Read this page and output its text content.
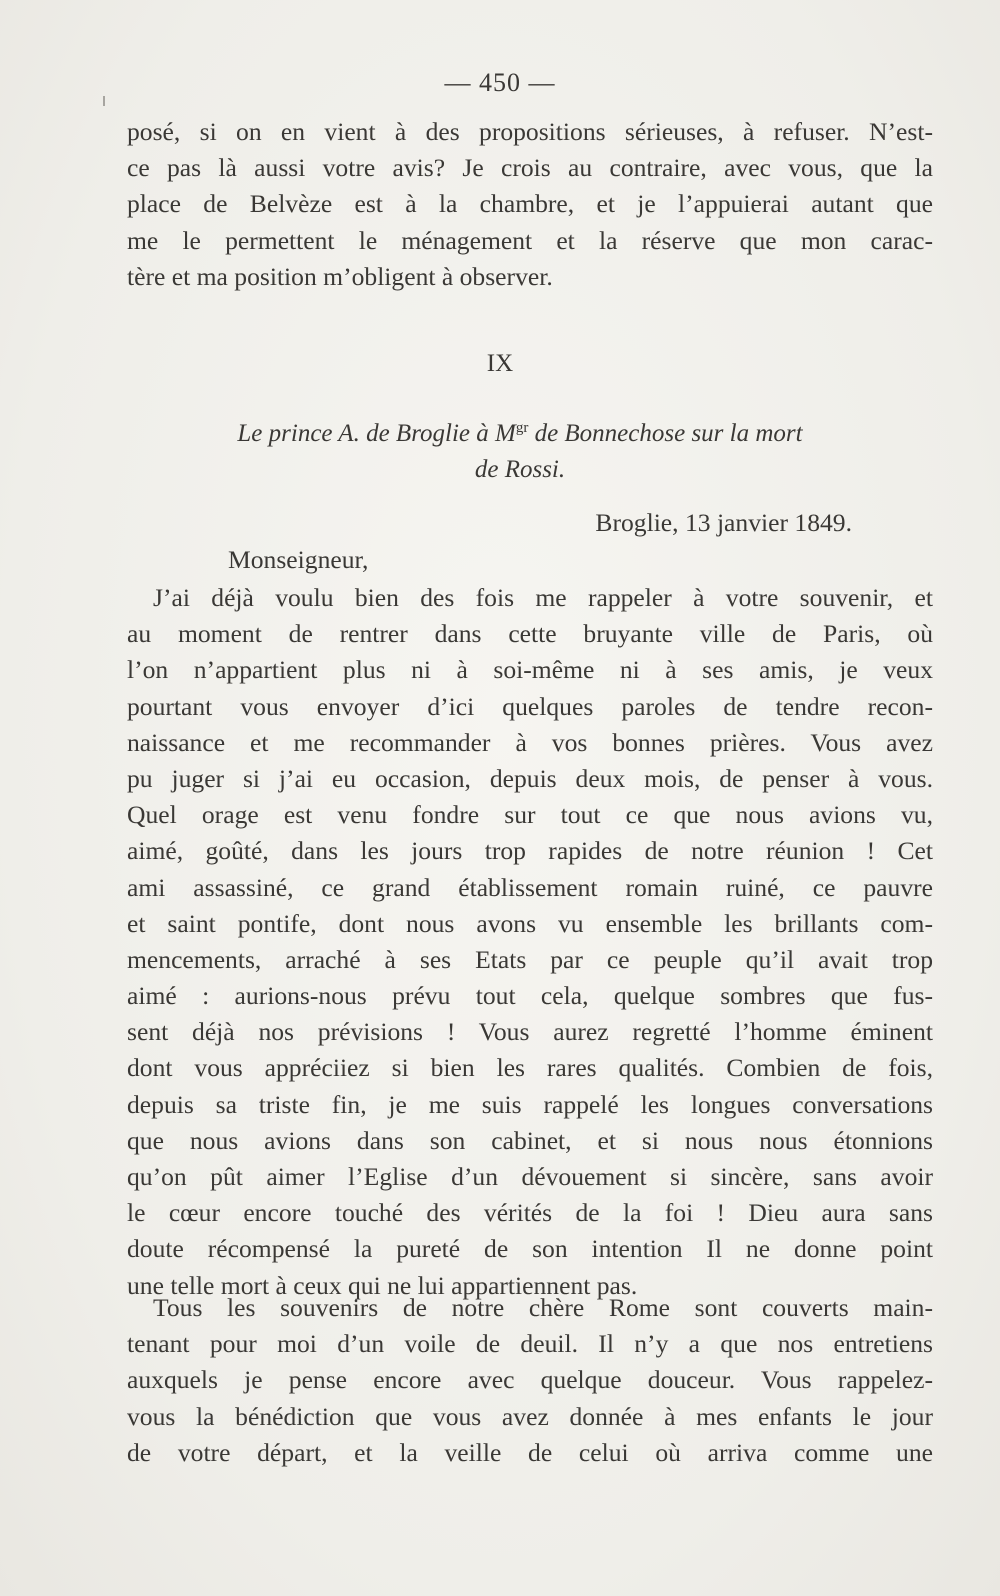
— 450 —
posé, si on en vient à des propositions sérieuses, à refuser. N’est-
ce pas là aussi votre avis? Je crois au contraire, avec vous, que la
place de Belvèze est à la chambre, et je l’appuierai autant que
me le permettent le ménagement et la réserve que mon carac-
tère et ma position m’obligent à observer.
IX
Le prince A. de Broglie à $M^{gr}$ de Bonnechose sur la mort
de Rossi.
Broglie, 13 janvier 1849.
Monseigneur,
J’ai déjà voulu bien des fois me rappeler à votre souvenir, et
au moment de rentrer dans cette bruyante ville de Paris, où
l’on n’appartient plus ni à soi-même ni à ses amis, je veux
pourtant vous envoyer d’ici quelques paroles de tendre recon-
naissance et me recommander à vos bonnes prières. Vous avez
pu juger si j’ai eu occasion, depuis deux mois, de penser à vous.
Quel orage est venu fondre sur tout ce que nous avions vu,
aimé, goûté, dans les jours trop rapides de notre réunion ! Cet
ami assassiné, ce grand établissement romain ruiné, ce pauvre
et saint pontife, dont nous avons vu ensemble les brillants com-
mencements, arraché à ses Etats par ce peuple qu’il avait trop
aimé : aurions-nous prévu tout cela, quelque sombres que fus-
sent déjà nos prévisions ! Vous aurez regretté l’homme éminent
dont vous appréciiez si bien les rares qualités. Combien de fois,
depuis sa triste fin, je me suis rappelé les longues conversations
que nous avions dans son cabinet, et si nous nous étonnions
qu’on pût aimer l’Eglise d’un dévouement si sincère, sans avoir
le cœur encore touché des vérités de la foi ! Dieu aura sans
doute récompensé la pureté de son intention Il ne donne point
une telle mort à ceux qui ne lui appartiennent pas.
Tous les souvenirs de notre chère Rome sont couverts main-
tenant pour moi d’un voile de deuil. Il n’y a que nos entretiens
auxquels je pense encore avec quelque douceur. Vous rappelez-
vous la bénédiction que vous avez donnée à mes enfants le jour
de votre départ, et la veille de celui où arriva comme une
